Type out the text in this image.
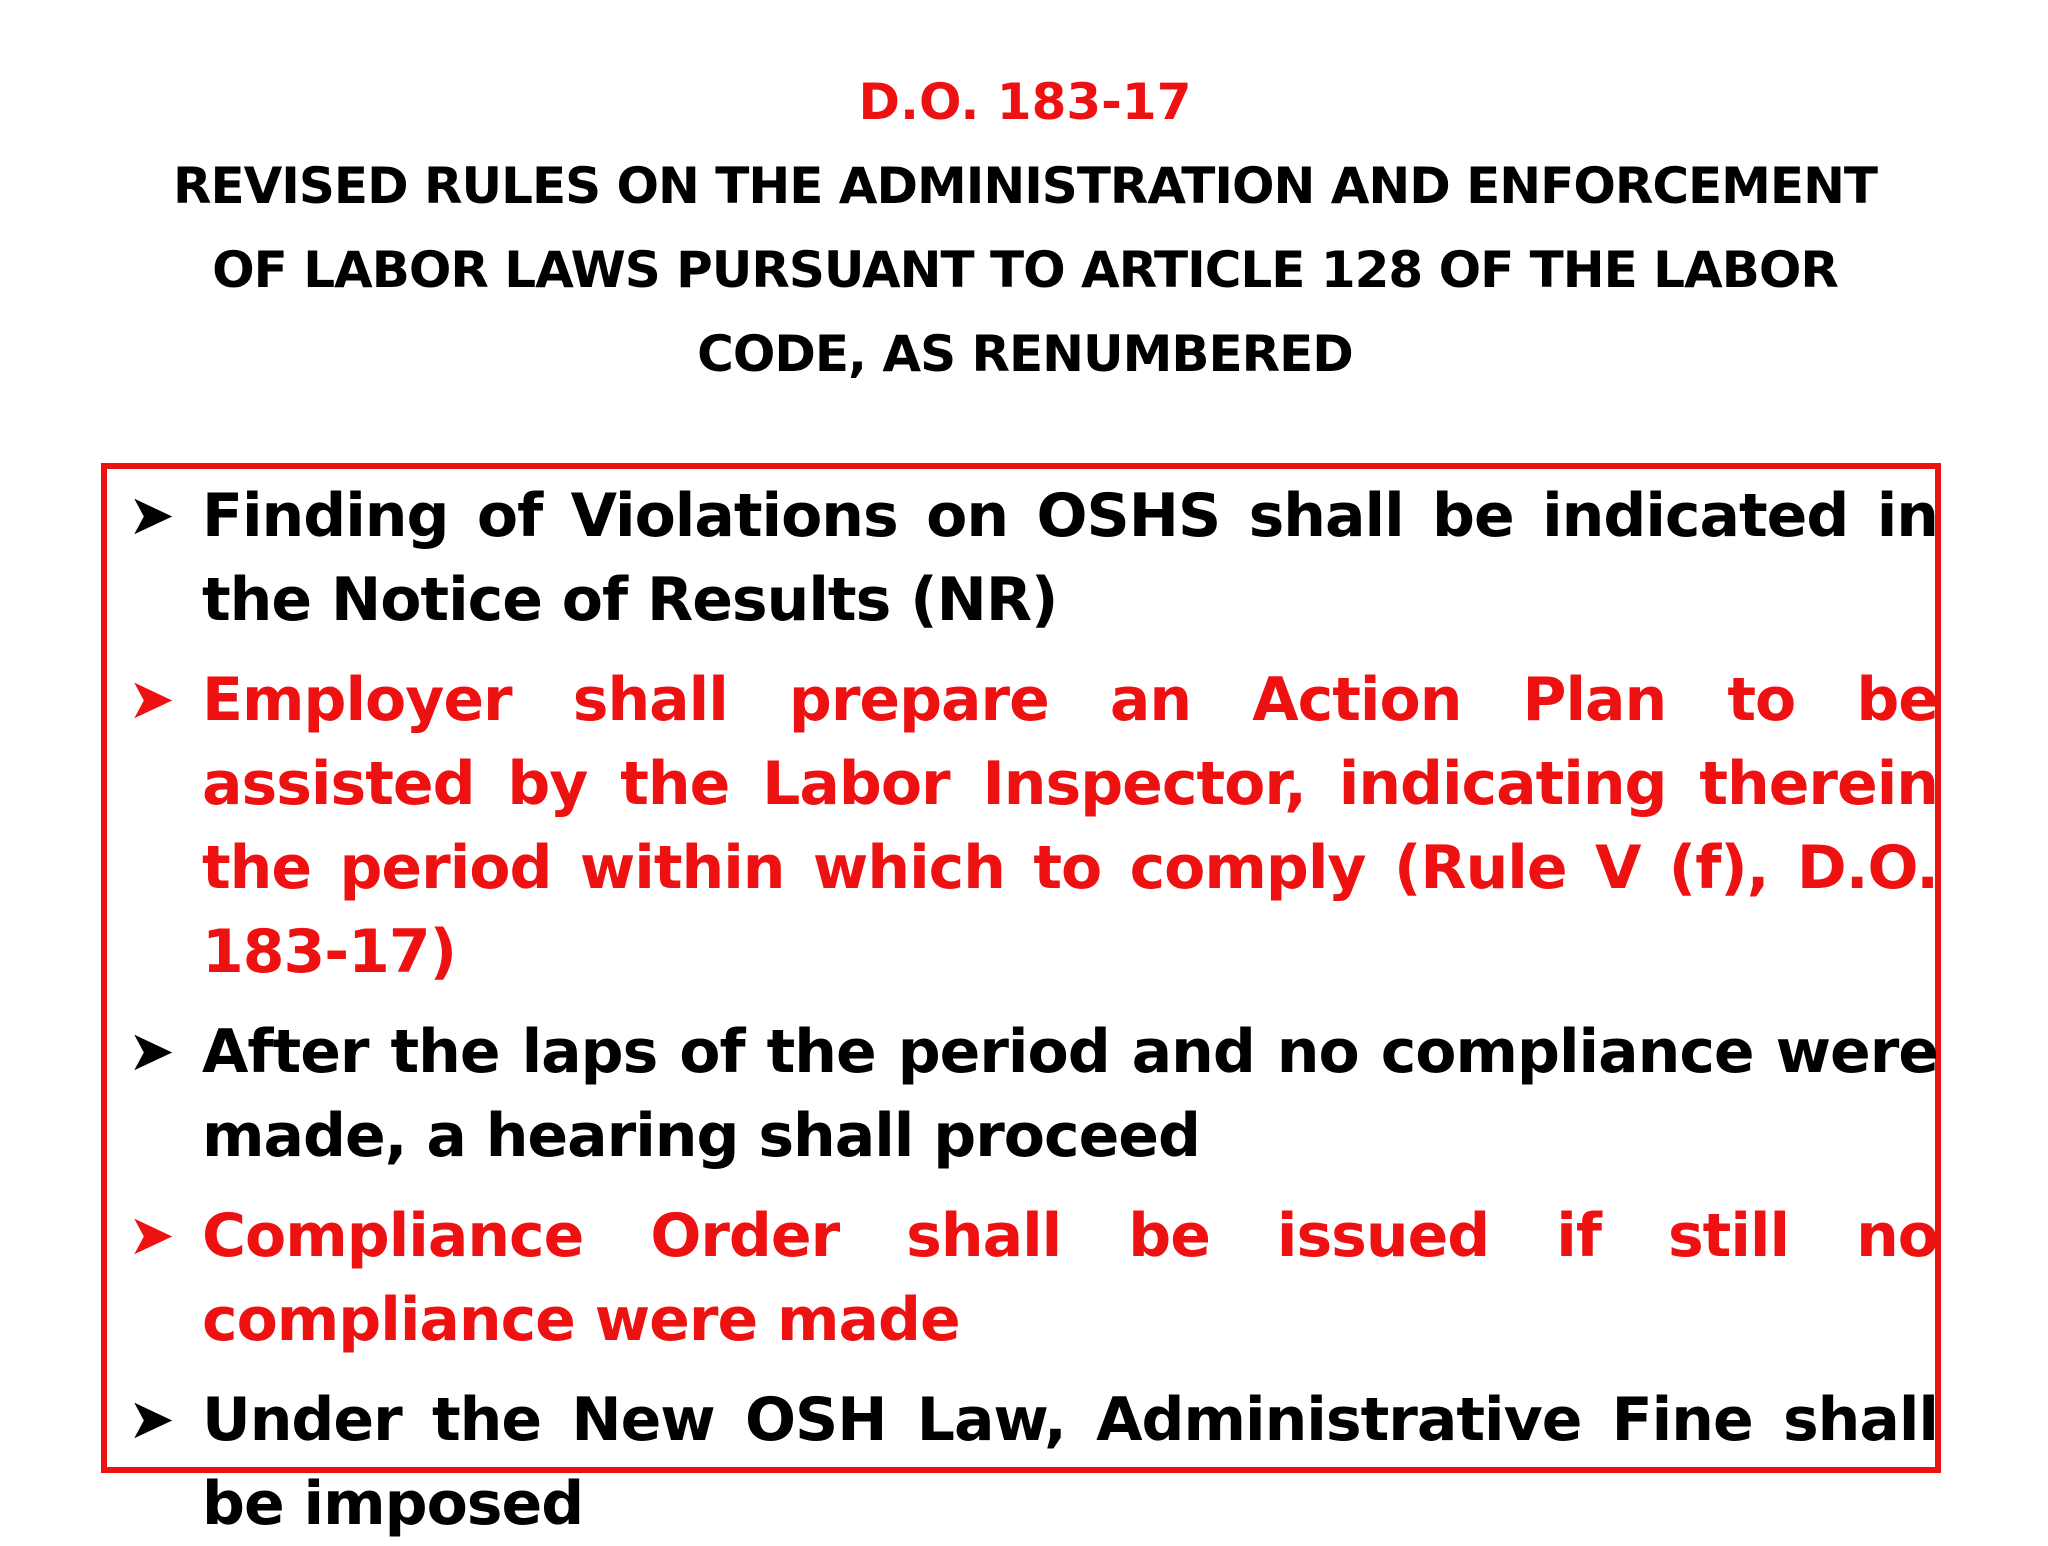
D.O. 183-17
REVISED RULES ON THE ADMINISTRATION AND ENFORCEMENT
OF LABOR LAWS PURSUANT TO ARTICLE 128 OF THE LABOR
CODE, AS RENUMBERED
➤ Finding of Violations on OSHS shall be indicated in the Notice of Results (NR)
➤ Employer shall prepare an Action Plan to be assisted by the Labor Inspector, indicating therein the period within which to comply (Rule V (f), D.O. 183-17)
➤ After the laps of the period and no compliance were made, a hearing shall proceed
➤ Compliance Order shall be issued if still no compliance were made
➤ Under the New OSH Law, Administrative Fine shall be imposed
